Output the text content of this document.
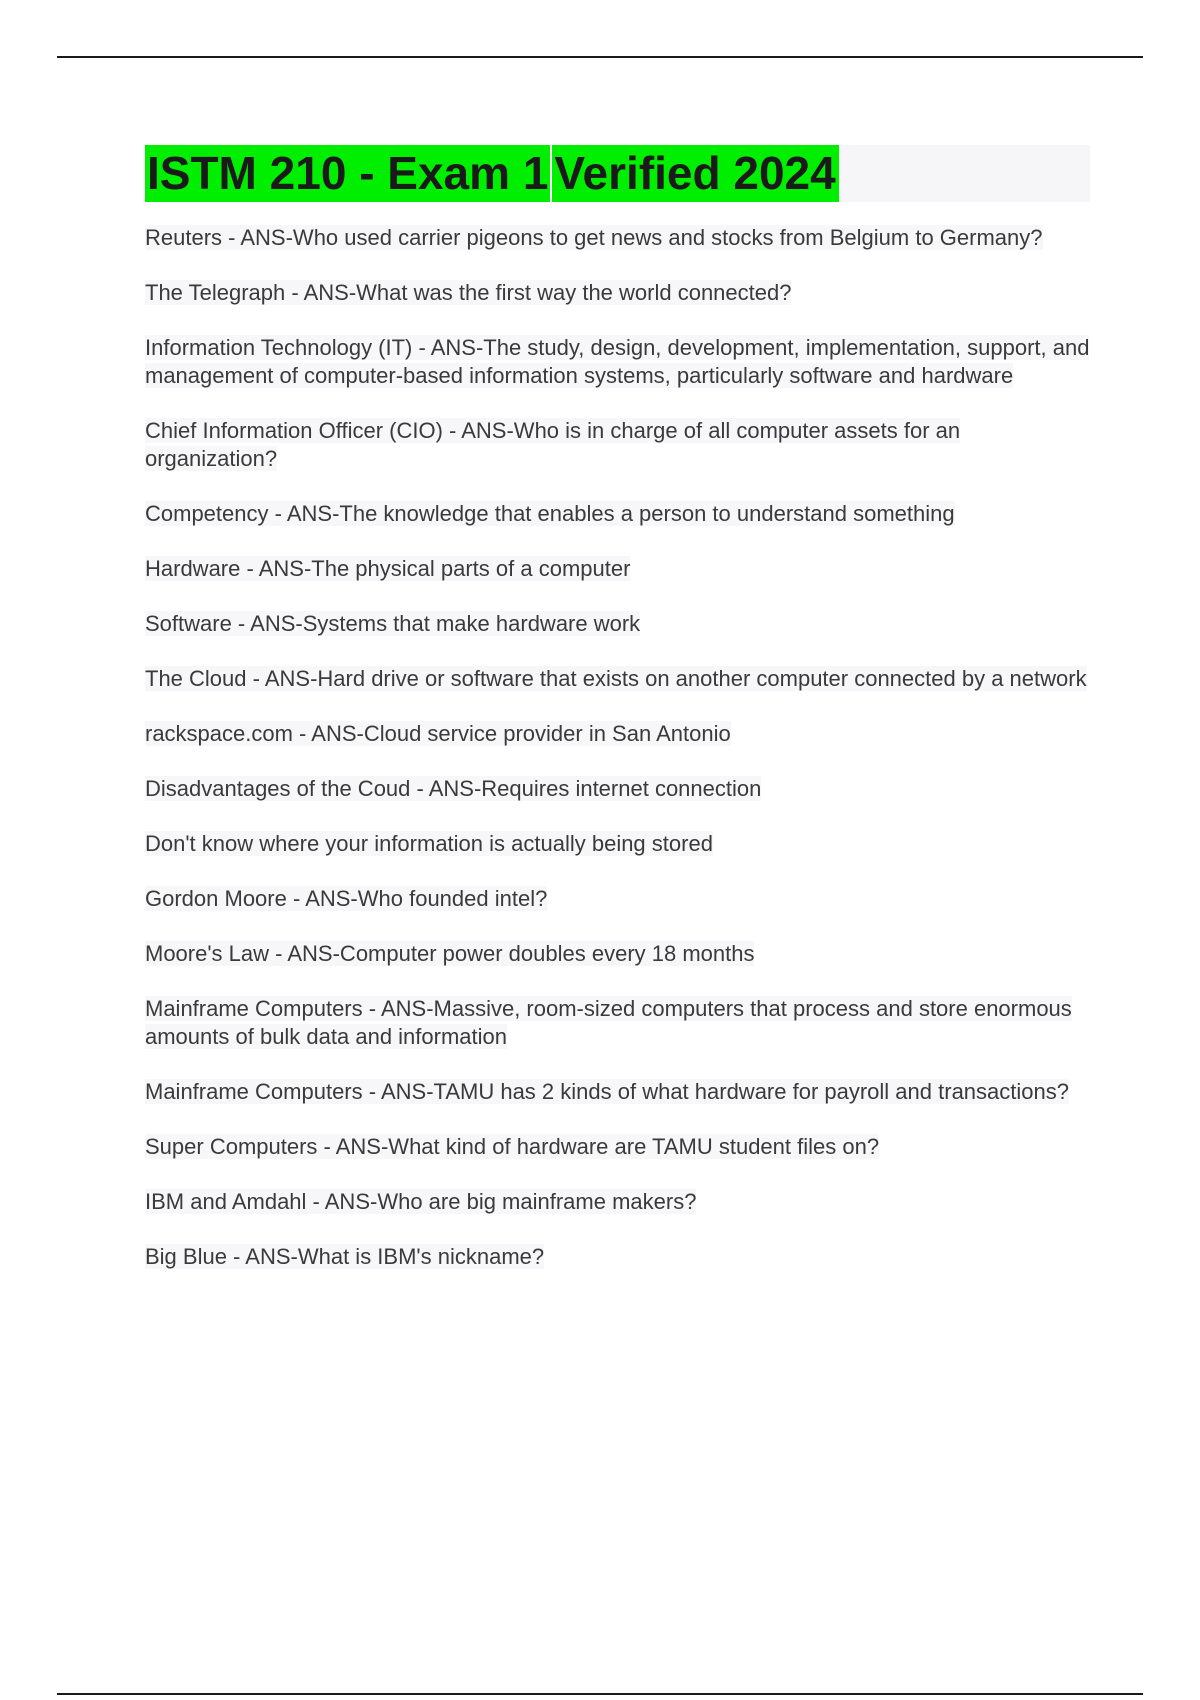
ISTM 210 - Exam 1 Verified 2024
Reuters - ANS-Who used carrier pigeons to get news and stocks from Belgium to Germany?
The Telegraph - ANS-What was the first way the world connected?
Information Technology (IT) - ANS-The study, design, development, implementation, support, and management of computer-based information systems, particularly software and hardware
Chief Information Officer (CIO) - ANS-Who is in charge of all computer assets for an organization?
Competency - ANS-The knowledge that enables a person to understand something
Hardware - ANS-The physical parts of a computer
Software - ANS-Systems that make hardware work
The Cloud - ANS-Hard drive or software that exists on another computer connected by a network
rackspace.com - ANS-Cloud service provider in San Antonio
Disadvantages of the Coud - ANS-Requires internet connection
Don't know where your information is actually being stored
Gordon Moore - ANS-Who founded intel?
Moore's Law - ANS-Computer power doubles every 18 months
Mainframe Computers - ANS-Massive, room-sized computers that process and store enormous amounts of bulk data and information
Mainframe Computers - ANS-TAMU has 2 kinds of what hardware for payroll and transactions?
Super Computers - ANS-What kind of hardware are TAMU student files on?
IBM and Amdahl - ANS-Who are big mainframe makers?
Big Blue - ANS-What is IBM's nickname?
